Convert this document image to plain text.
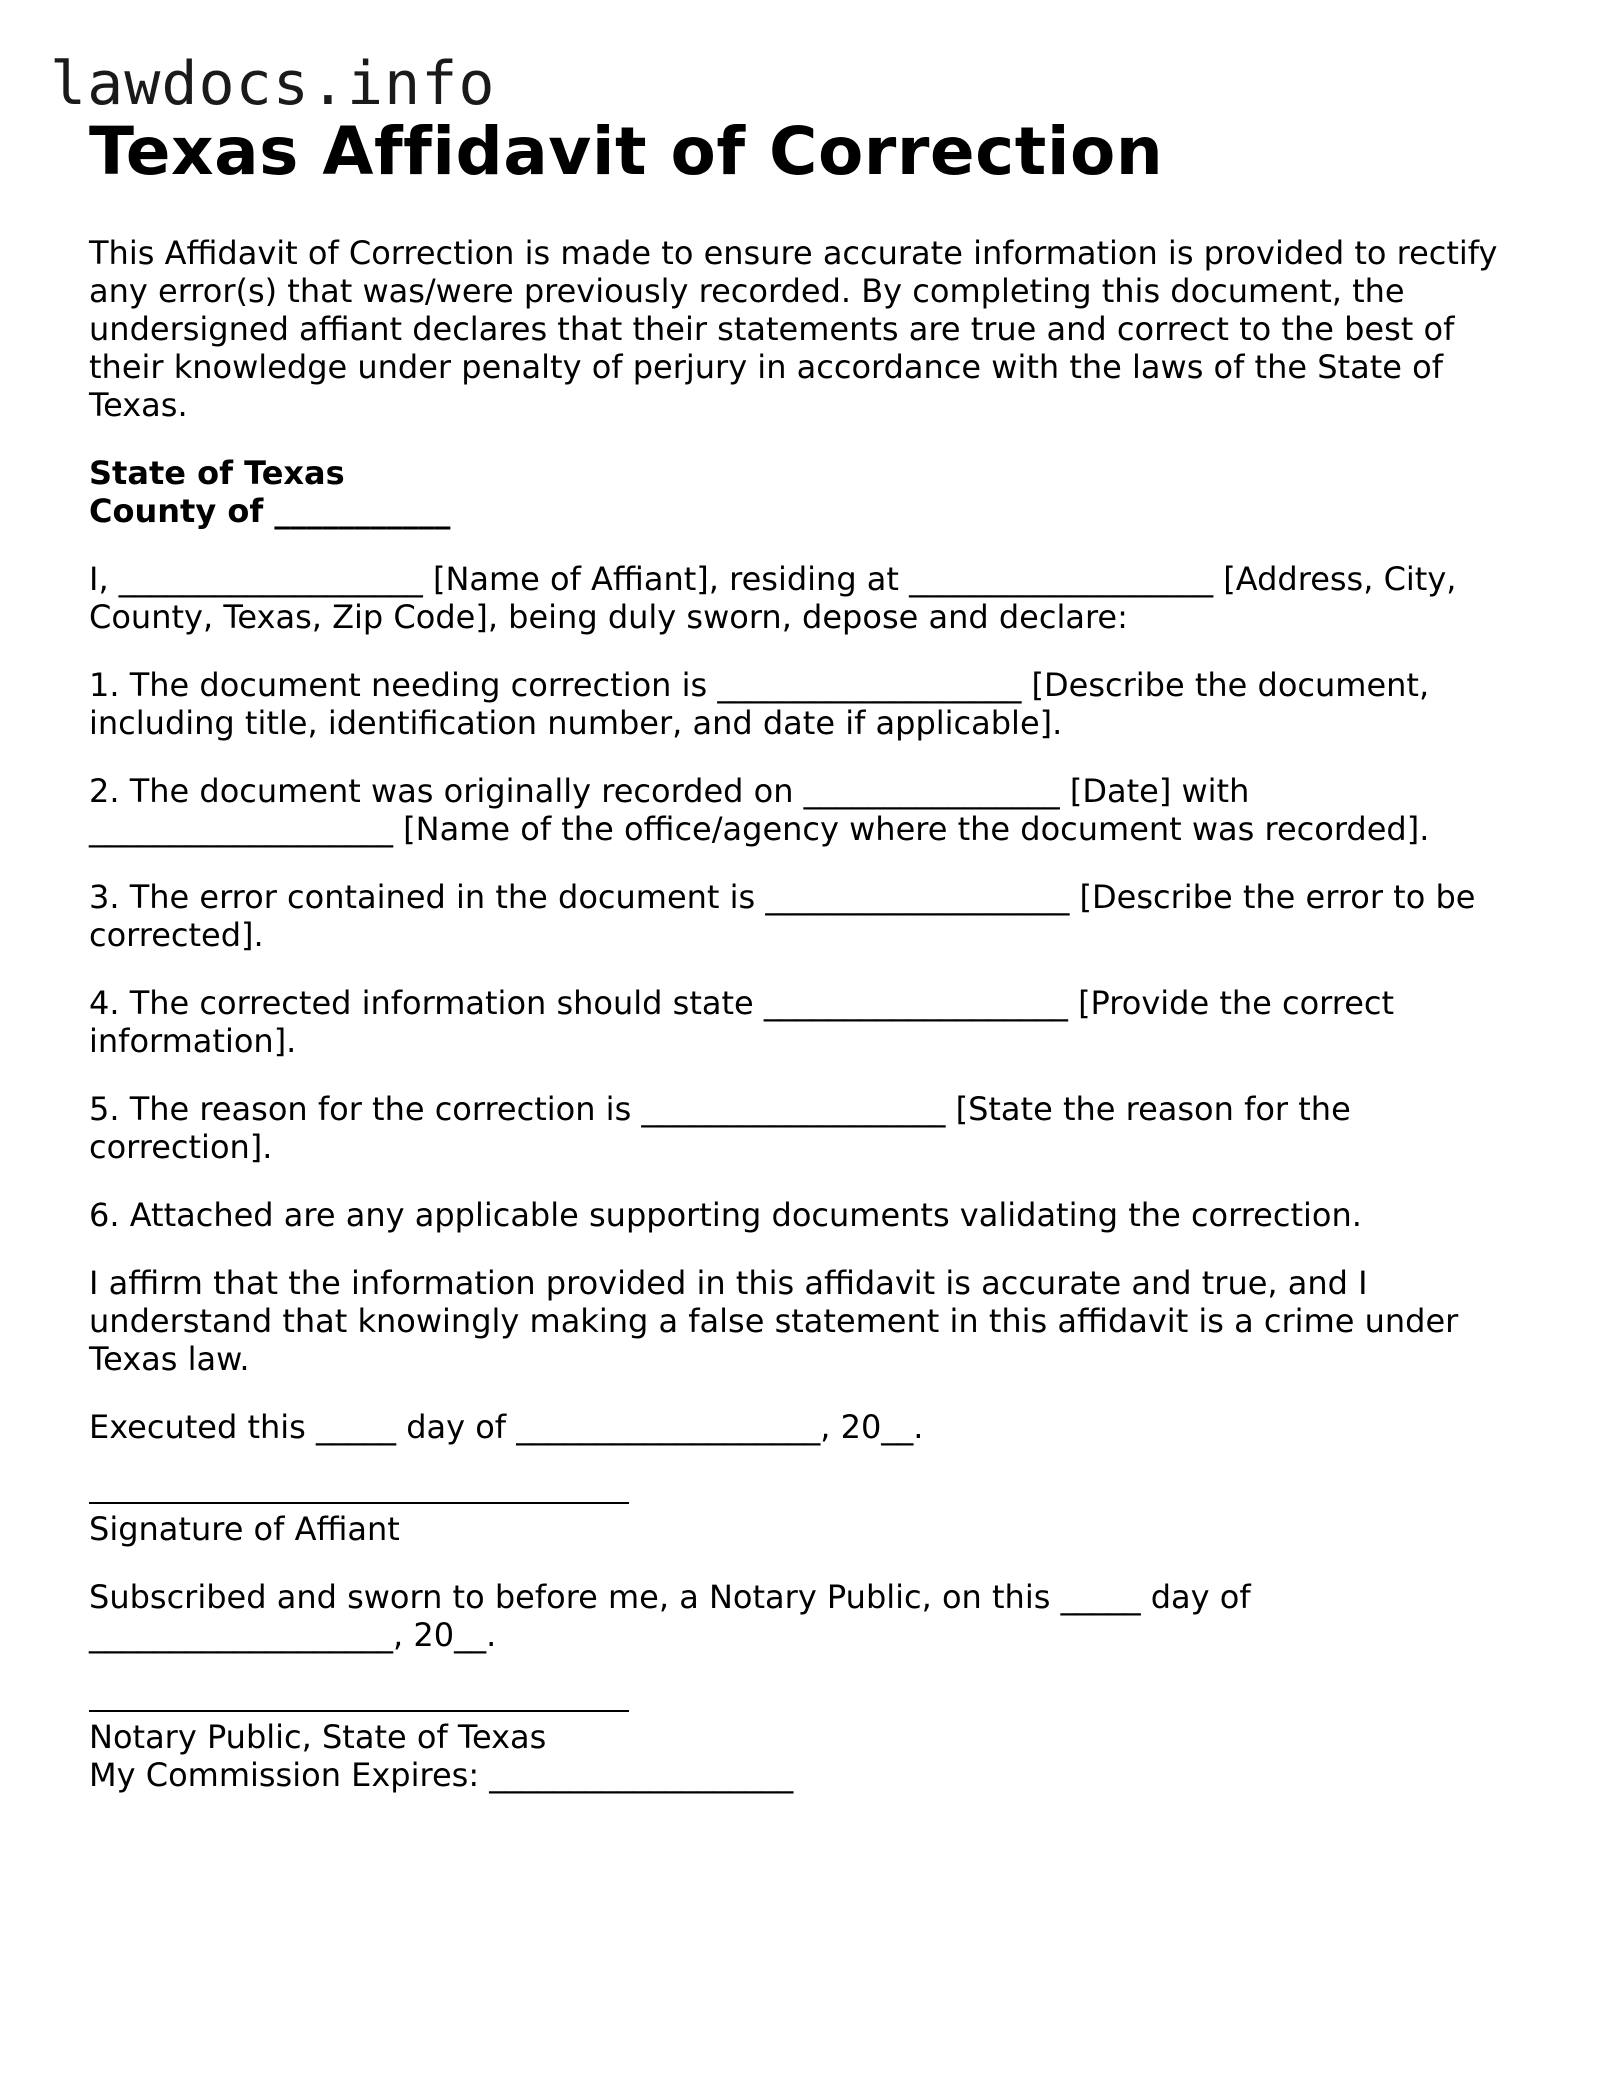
lawdocs.info
Texas Affidavit of Correction

This Affidavit of Correction is made to ensure accurate information is provided to rectify any error(s) that was/were previously recorded. By completing this document, the undersigned affiant declares that their statements are true and correct to the best of their knowledge under penalty of perjury in accordance with the laws of the State of Texas.

State of Texas
County of ___________

I, ___________________ [Name of Affiant], residing at ___________________ [Address, City, County, Texas, Zip Code], being duly sworn, depose and declare:

1. The document needing correction is ___________________ [Describe the document, including title, identification number, and date if applicable].

2. The document was originally recorded on ________________ [Date] with ___________________ [Name of the office/agency where the document was recorded].

3. The error contained in the document is ___________________ [Describe the error to be corrected].

4. The corrected information should state ___________________ [Provide the correct information].

5. The reason for the correction is ___________________ [State the reason for the correction].

6. Attached are any applicable supporting documents validating the correction.

I affirm that the information provided in this affidavit is accurate and true, and I understand that knowingly making a false statement in this affidavit is a crime under Texas law.

Executed this _____ day of ___________________, 20__.

Signature of Affiant

Subscribed and sworn to before me, a Notary Public, on this _____ day of ___________________, 20__.

Notary Public, State of Texas
My Commission Expires: ___________________
